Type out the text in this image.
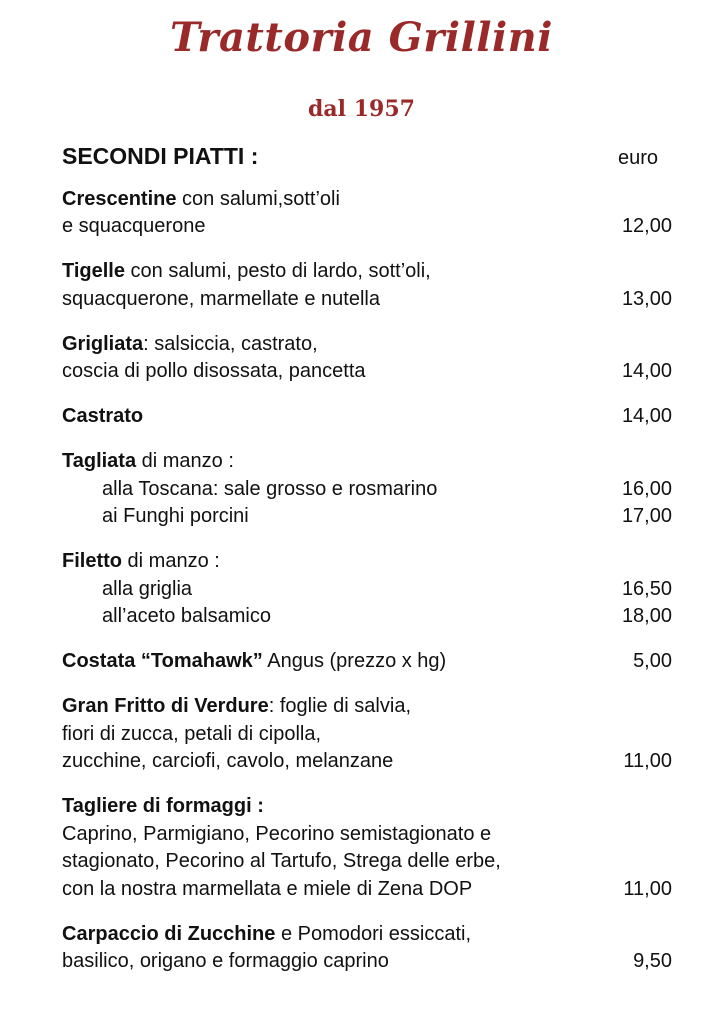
Trattoria Grillini
dal 1957
SECONDI PIATTI :	euro
Crescentine con salumi,sott’oli
e squacquerone	12,00
Tigelle con salumi, pesto di lardo, sott’oli,
squacquerone, marmellate e nutella	13,00
Grigliata: salsiccia, castrato,
coscia di pollo disossata, pancetta	14,00
Castrato	14,00
Tagliata di manzo :
alla Toscana: sale grosso e rosmarino	16,00
ai Funghi porcini	17,00
Filetto di manzo :
alla griglia	16,50
all’aceto balsamico	18,00
Costata “Tomahawk” Angus (prezzo x hg)	5,00
Gran Fritto di Verdure: foglie di salvia,
fiori di zucca, petali di cipolla,
zucchine, carciofi, cavolo, melanzane	11,00
Tagliere di formaggi :
Caprino, Parmigiano, Pecorino semistagionato e
stagionato, Pecorino al Tartufo, Strega delle erbe,
con la nostra marmellata e miele di Zena DOP	11,00
Carpaccio di Zucchine e Pomodori essiccati,
basilico, origano e formaggio caprino	9,50
